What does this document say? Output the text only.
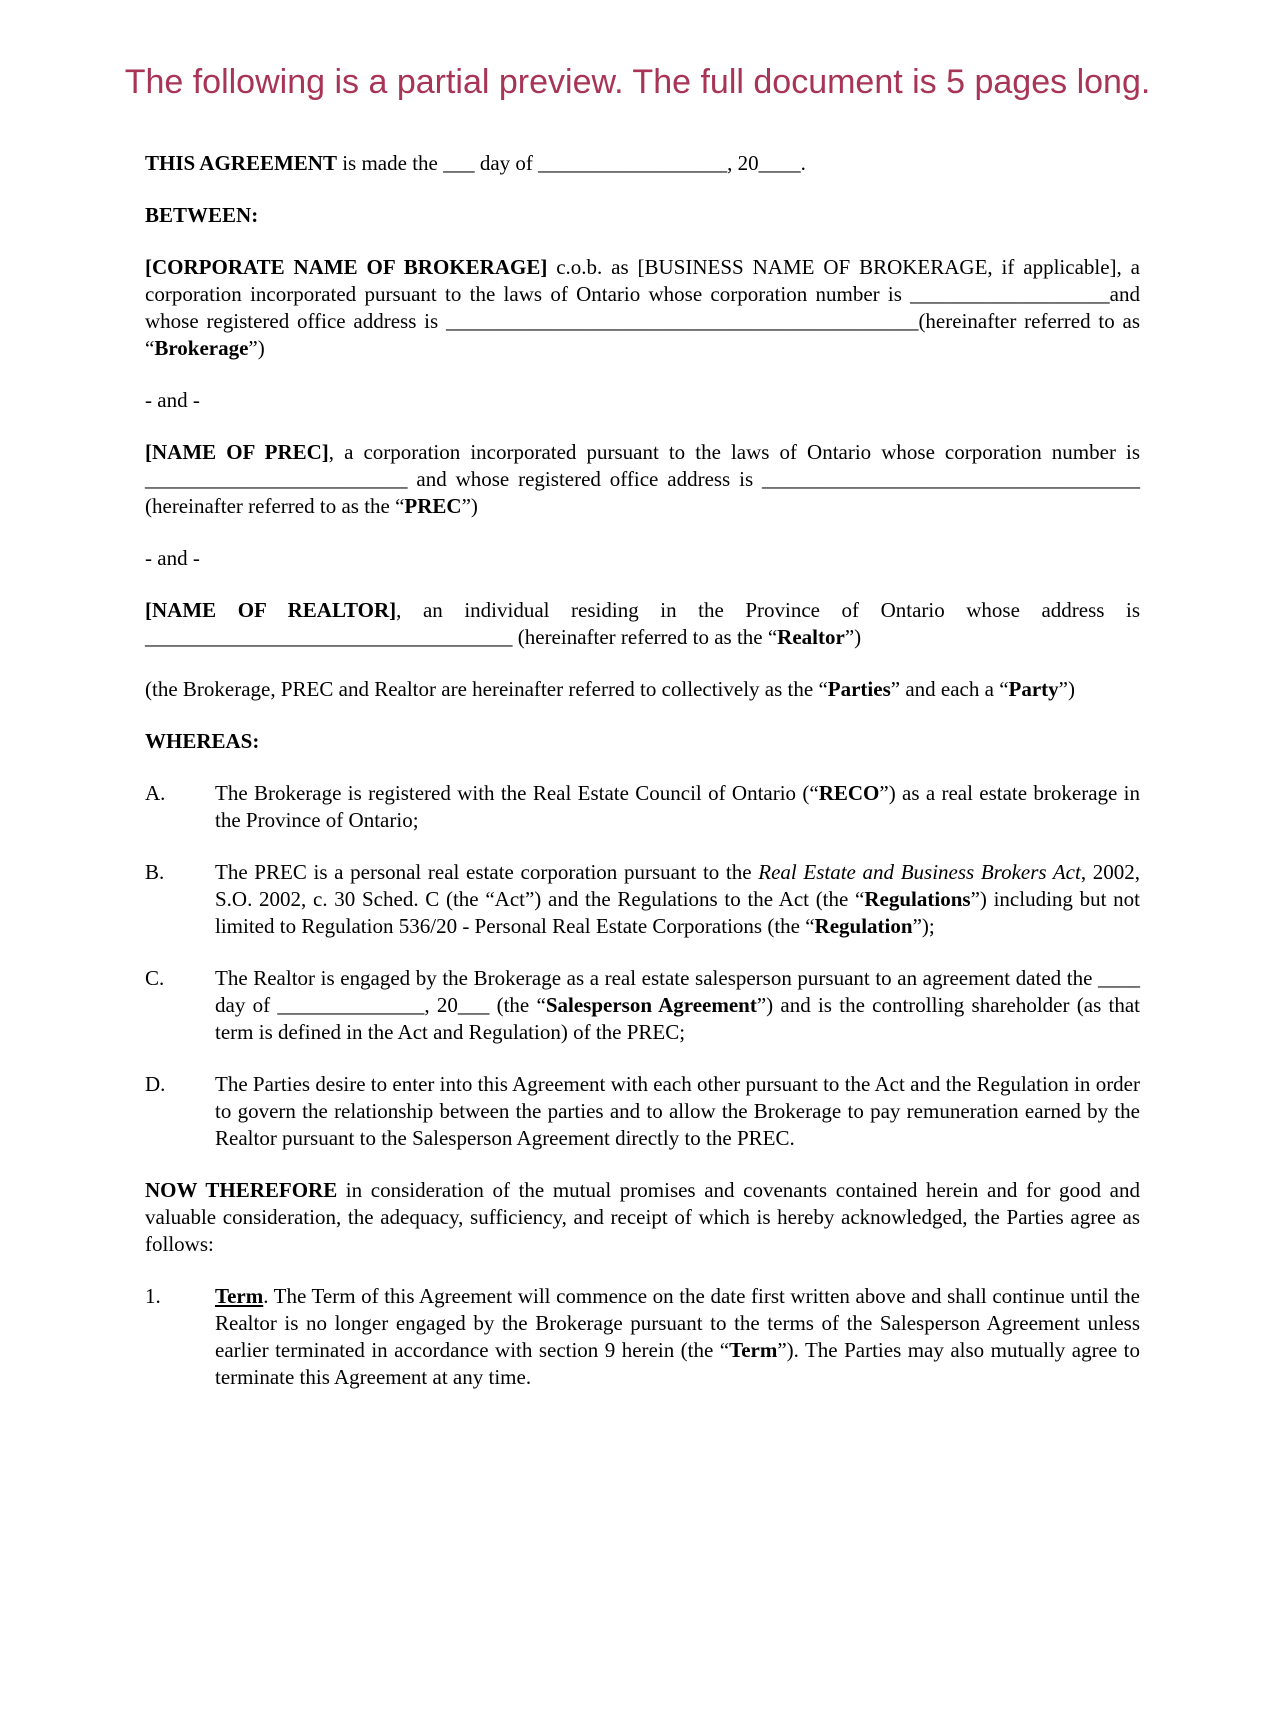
The following is a partial preview. The full document is 5 pages long.

THIS AGREEMENT is made the ___ day of __________________, 20____.

BETWEEN:

[CORPORATE NAME OF BROKERAGE] c.o.b. as [BUSINESS NAME OF BROKERAGE, if applicable], a corporation incorporated pursuant to the laws of Ontario whose corporation number is ___________________and whose registered office address is _____________________________________________(hereinafter referred to as “Brokerage”)

- and -

[NAME OF PREC], a corporation incorporated pursuant to the laws of Ontario whose corporation number is _________________________ and whose registered office address is ____________________________________ (hereinafter referred to as the “PREC”)

- and -

[NAME OF REALTOR], an individual residing in the Province of Ontario whose address is ___________________________________ (hereinafter referred to as the “Realtor”)

(the Brokerage, PREC and Realtor are hereinafter referred to collectively as the “Parties” and each a “Party”)

WHEREAS:

A.	The Brokerage is registered with the Real Estate Council of Ontario (“RECO”) as a real estate brokerage in the Province of Ontario;
B.	The PREC is a personal real estate corporation pursuant to the Real Estate and Business Brokers Act, 2002, S.O. 2002, c. 30 Sched. C (the “Act”) and the Regulations to the Act (the “Regulations”) including but not limited to Regulation 536/20 - Personal Real Estate Corporations (the “Regulation”);
C.	The Realtor is engaged by the Brokerage as a real estate salesperson pursuant to an agreement dated the ____ day of ______________, 20___ (the “Salesperson Agreement”) and is the controlling shareholder (as that term is defined in the Act and Regulation) of the PREC;
D.	The Parties desire to enter into this Agreement with each other pursuant to the Act and the Regulation in order to govern the relationship between the parties and to allow the Brokerage to pay remuneration earned by the Realtor pursuant to the Salesperson Agreement directly to the PREC.

NOW THEREFORE in consideration of the mutual promises and covenants contained herein and for good and valuable consideration, the adequacy, sufficiency, and receipt of which is hereby acknowledged, the Parties agree as follows:

1.	Term. The Term of this Agreement will commence on the date first written above and shall continue until the Realtor is no longer engaged by the Brokerage pursuant to the terms of the Salesperson Agreement unless earlier terminated in accordance with section 9 herein (the “Term”). The Parties may also mutually agree to terminate this Agreement at any time.
